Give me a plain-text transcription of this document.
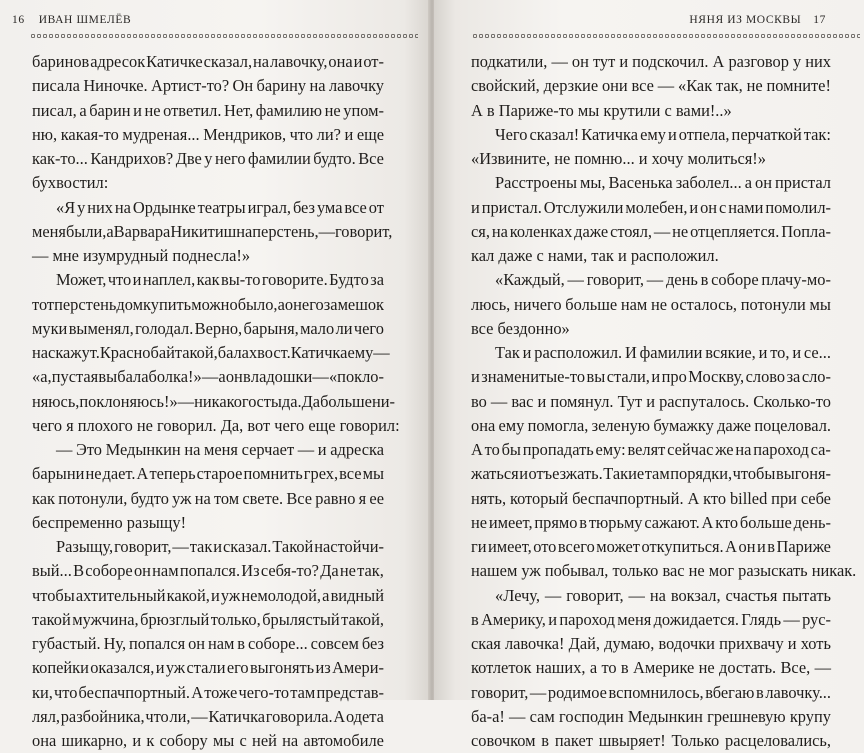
16 ИВАН ШМЕЛЁВ
баринов адресок Катичке сказал, на лавочку, она и от-
писала Ниночке. Артист-то? Он барину на лавочку
писал, а барин и не ответил. Нет, фамилию не упом-
ню, какая-то мудреная... Мендриков, что ли? и еще
как-то... Кандрихов? Две у него фамилии будто. Все
бухвостил:
«Я у них на Ордынке театры играл, без ума все от
меня были, а Варвара Никитишна перстень, — говорит,
— мне изумрудный поднесла!»
Может, что и наплел, как вы-то говорите. Будто за
тот перстень дом купить можно было, а он его за мешок
муки выменял, голодал. Верно, барыня, мало ли чего
наскажут. Краснобай такой, балахвост. Катичка ему —
«а, пустая вы балаболка!» — а он в ладошки — «покло-
няюсь, поклоняюсь!» — никакого стыда. Да больше ни-
чего я плохого не говорил. Да, вот чего еще говорил:
— Это Медынкин на меня серчает — и адреска
барыни не дает. А теперь старое помнить грех, все мы
как потонули, будто уж на том свете. Все равно я ее
беспременно разыщу!
Разыщу, говорит, — так и сказал. Такой настойчи-
вый... В соборе он нам попался. Из себя-то? Да не так,
чтобы ахтительный какой, и уж немолодой, а видный
такой мужчина, брюзглый только, брылястый такой,
губастый. Ну, попался он нам в соборе... совсем без
копейки оказался, и уж стали его выгонять из Амери-
ки, что беспачпортный. А тоже чего-то там представ-
лял, разбойника, что ли, — Катичка говорила. А одета
она шикарно, и к собору мы с ней на автомобиле
НЯНЯ ИЗ МОСКВЫ 17
подкатили, — он тут и подскочил. А разговор у них
свойский, дерзкие они все — «Как так, не помните!
А в Париже-то мы крутили с вами!..»
Чего сказал! Катичка ему и отпела, перчаткой так:
«Извините, не помню... и хочу молиться!»
Расстроены мы, Васенька заболел... а он пристал
и пристал. Отслужили молебен, и он с нами помолил-
ся, на коленках даже стоял, — не отцепляется. Попла-
кал даже с нами, так и расположил.
«Каждый, — говорит, — день в соборе плачу-мо-
люсь, ничего больше нам не осталось, потонули мы
все бездонно»
Так и расположил. И фамилии всякие, и то, и се...
и знаменитые-то вы стали, и про Москву, слово за сло-
во — вас и помянул. Тут и распуталось. Сколько-то
она ему помогла, зеленую бумажку даже поцеловал.
А то бы пропадать ему: велят сейчас же на пароход са-
жаться и отъезжать. Такие там порядки, чтобы выгоня-
нять, который беспачпортный. А кто billed при себе
не имеет, прямо в тюрьму сажают. А кто больше день-
ги имеет, ото всего может откупиться. А он и в Париже
нашем уж побывал, только вас не мог разыскать никак.
«Лечу, — говорит, — на вокзал, счастья пытать
в Америку, и пароход меня дожидается. Глядь — рус-
ская лавочка! Дай, думаю, водочки прихвачу и хоть
котлеток наших, а то в Америке не достать. Все, —
говорит, — родимое вспомнилось, вбегаю в лавочку...
ба-а! — сам господин Медынкин грешневую крупу
совочком в пакет швыряет! Только расцеловались,
